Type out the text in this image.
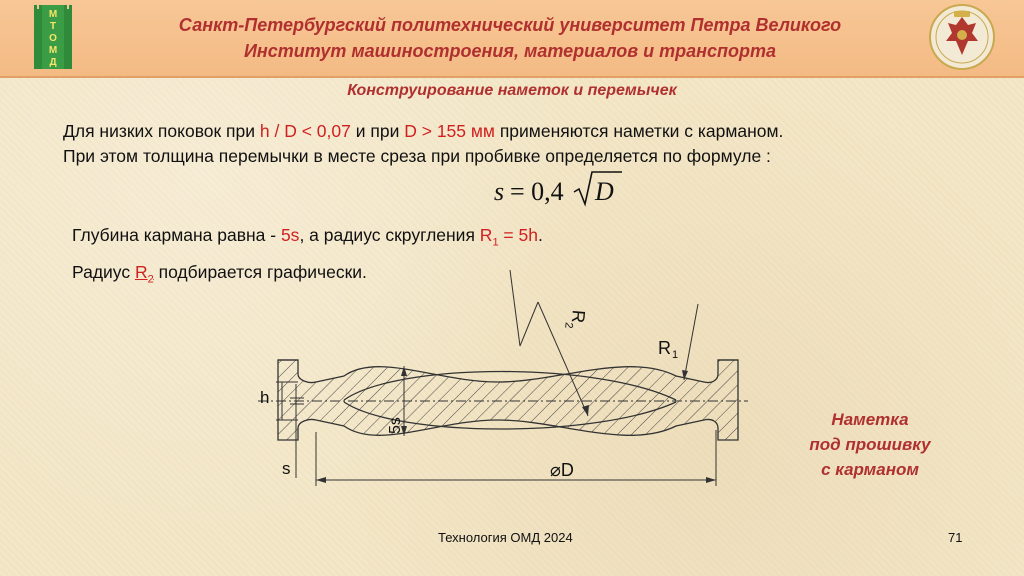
М
Т
О
М
Д
Санкт-Петербургский политехнический университет Петра Великого
Институт машиностроения, материалов и транспорта
Конструирование наметок и перемычек
Для низких поковок при h / D < 0,07 и при D > 155 мм применяются наметки с карманом.
При этом толщина перемычки в месте среза при пробивке определяется по формуле :
s = 0,4 D
Глубина кармана равна - 5s, а радиус скругления $R_1 = 5h$.
Радиус $R_2$ подбирается графически.
h
s
5s
⌀D
R
2
R 1
Наметка
под прошивку
с карманом
Технология ОМД 2024	71
